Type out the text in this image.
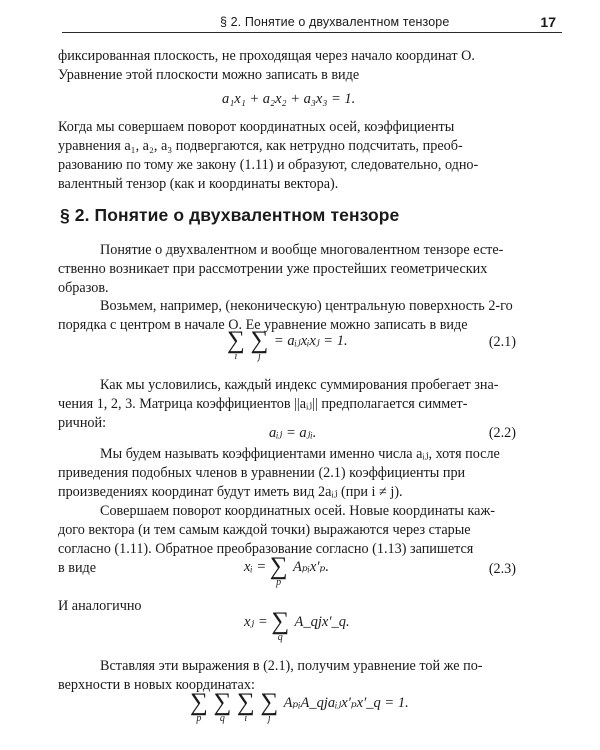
§ 2. Понятие о двухвалентном тензоре	17
фиксированная плоскость, не проходящая через начало координат O.
Уравнение этой плоскости можно записать в виде
a₁x₁ + a₂x₂ + a₃x₃ = 1.
Когда мы совершаем поворот координатных осей, коэффициенты
уравнения a₁, a₂, a₃ подвергаются, как нетрудно подсчитать, преоб-
разованию по тому же закону (1.11) и образуют, следовательно, одно-
валентный тензор (как и координаты вектора).
§ 2. Понятие о двухвалентном тензоре
Понятие о двухвалентном и вообще многовалентном тензоре есте-
ственно возникает при рассмотрении уже простейших геометрических
образов.
Возьмем, например, (неконическую) центральную поверхность 2-го
порядка с центром в начале O. Ее уравнение можно записать в виде
∑
i

∑
j
= aᵢⱼxᵢxⱼ = 1.	(2.1)
Как мы условились, каждый индекс суммирования пробегает зна-
чения 1, 2, 3. Матрица коэффициентов ||aᵢⱼ|| предполагается симмет-
ричной:
aᵢⱼ = aⱼᵢ.	(2.2)
Мы будем называть коэффициентами именно числа aᵢⱼ, хотя после
приведения подобных членов в уравнении (2.1) коэффициенты при
произведениях координат будут иметь вид 2aᵢⱼ (при i ≠ j).
Совершаем поворот координатных осей. Новые координаты каж-
дого вектора (и тем самым каждой точки) выражаются через старые
согласно (1.11). Обратное преобразование согласно (1.13) запишется
в виде	xᵢ = ∑
p
Aₚᵢx′ₚ.	(2.3)
И аналогично
xⱼ = ∑
q
A_qjx′_q.
Вставляя эти выражения в (2.1), получим уравнение той же по-
верхности в новых координатах:
∑
p

∑
q

∑
i

∑
j
AₚᵢA_qjaᵢⱼx′ₚx′_q = 1.
